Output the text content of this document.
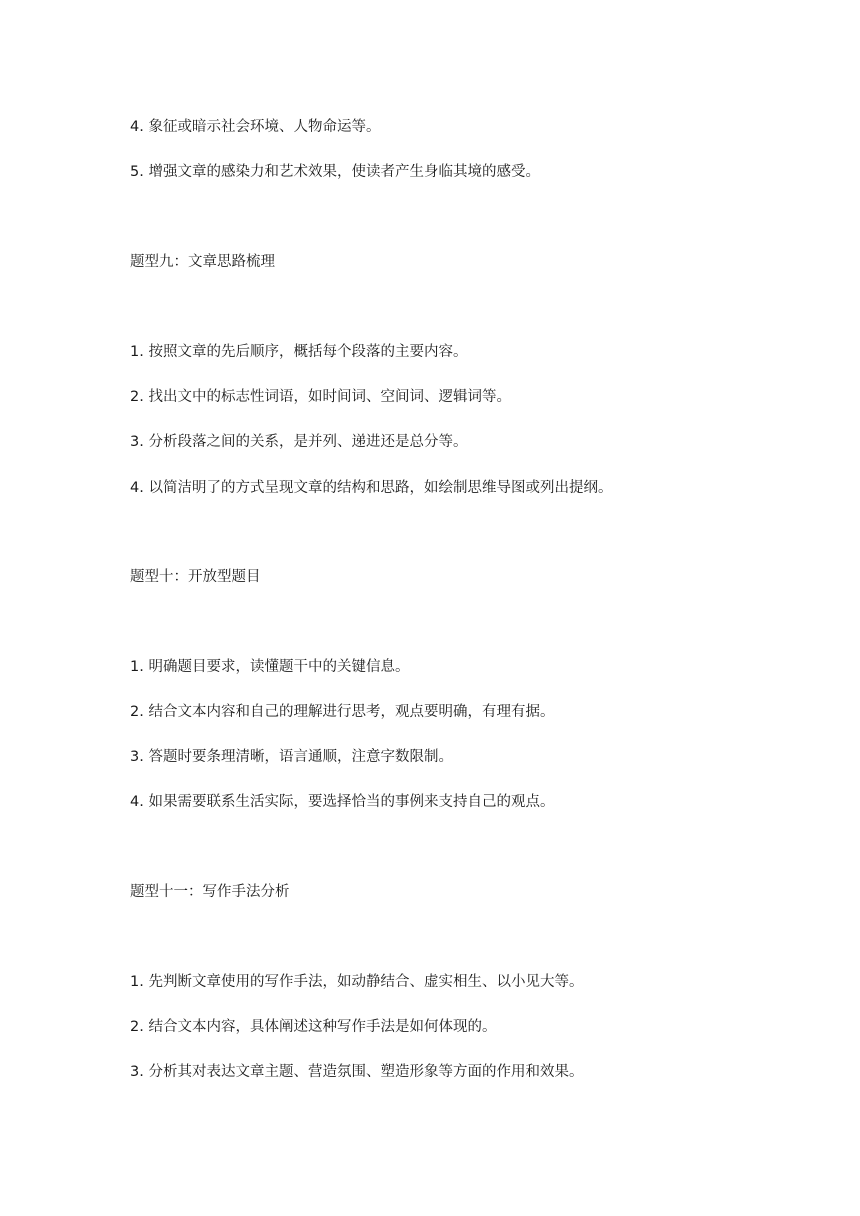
4. 象征或暗示社会环境、人物命运等。
5. 增强文章的感染力和艺术效果，使读者产生身临其境的感受。
题型九：文章思路梳理
1. 按照文章的先后顺序，概括每个段落的主要内容。
2. 找出文中的标志性词语，如时间词、空间词、逻辑词等。
3. 分析段落之间的关系，是并列、递进还是总分等。
4. 以简洁明了的方式呈现文章的结构和思路，如绘制思维导图或列出提纲。
题型十：开放型题目
1. 明确题目要求，读懂题干中的关键信息。
2. 结合文本内容和自己的理解进行思考，观点要明确，有理有据。
3. 答题时要条理清晰，语言通顺，注意字数限制。
4. 如果需要联系生活实际，要选择恰当的事例来支持自己的观点。
题型十一：写作手法分析
1. 先判断文章使用的写作手法，如动静结合、虚实相生、以小见大等。
2. 结合文本内容，具体阐述这种写作手法是如何体现的。
3. 分析其对表达文章主题、营造氛围、塑造形象等方面的作用和效果。
